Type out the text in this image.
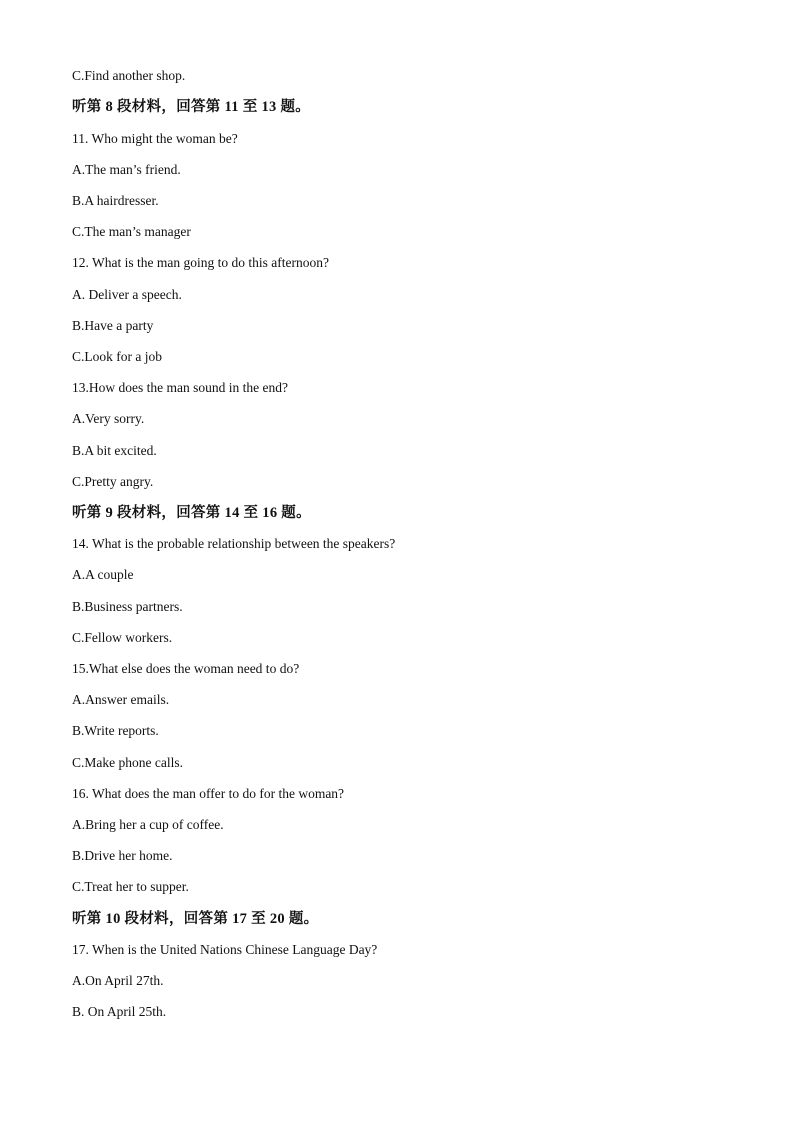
C.Find another shop.
听第 8 段材料，回答第 11 至 13 题。
11. Who might the woman be?
A.The man’s friend.
B.A hairdresser.
C.The man’s manager
12. What is the man going to do this afternoon?
A. Deliver a speech.
B.Have a party
C.Look for a job
13.How does the man sound in the end?
A.Very sorry.
B.A bit excited.
C.Pretty angry.
听第 9 段材料，回答第 14 至 16 题。
14. What is the probable relationship between the speakers?
A.A couple
B.Business partners.
C.Fellow workers.
15.What else does the woman need to do?
A.Answer emails.
B.Write reports.
C.Make phone calls.
16. What does the man offer to do for the woman?
A.Bring her a cup of coffee.
B.Drive her home.
C.Treat her to supper.
听第 10 段材料，回答第 17 至 20 题。
17. When is the United Nations Chinese Language Day?
A.On April 27th.
B. On April 25th.
